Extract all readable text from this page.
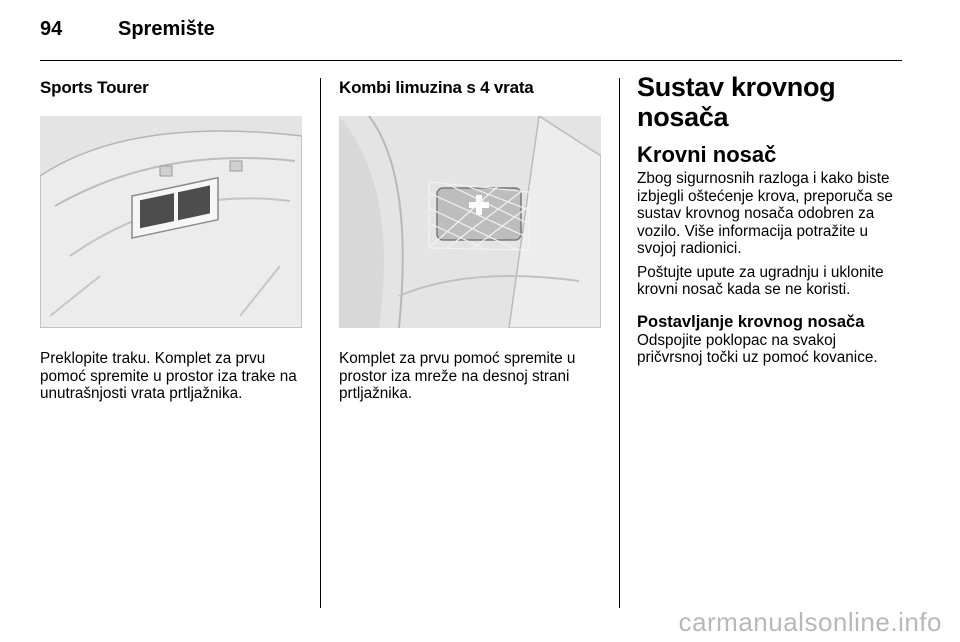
94	Spremište
Sports Tourer

Preklopite traku. Komplet za prvu pomoć spremite u prostor iza trake na unutrašnjosti vrata prtljažnika.

Kombi limuzina s 4 vrata

Komplet za prvu pomoć spremite u prostor iza mreže na desnoj strani prtljažnika.

Sustav krovnog nosača

Krovni nosač

Zbog sigurnosnih razloga i kako biste izbjegli oštećenje krova, preporuča se sustav krovnog nosača odobren za vozilo. Više informacija potražite u svojoj radionici.

Poštujte upute za ugradnju i uklonite krovni nosač kada se ne koristi.

Postavljanje krovnog nosača

Odspojite poklopac na svakoj pričvrsnoj točki uz pomoć kovanice.

carmanualsonline.info
